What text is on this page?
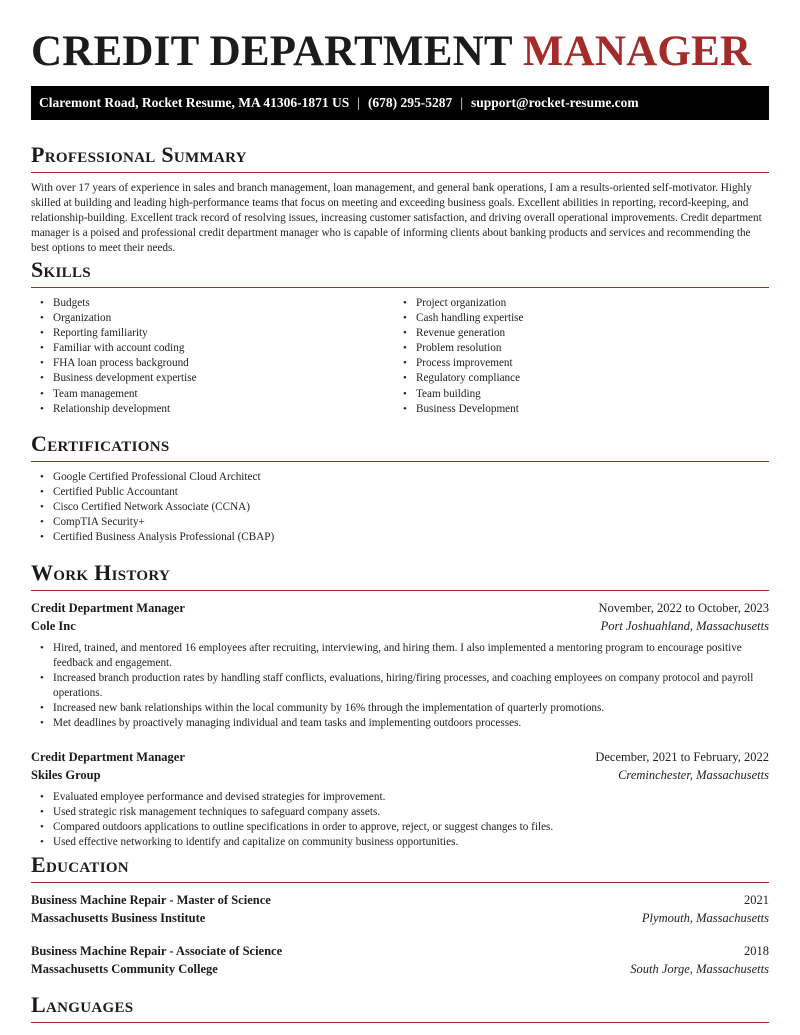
CREDIT DEPARTMENT MANAGER
Claremont Road, Rocket Resume, MA 41306-1871 US | (678) 295-5287 | support@rocket-resume.com
Professional Summary

With over 17 years of experience in sales and branch management, loan management, and general bank operations, I am a results-oriented self-motivator. Highly skilled at building and leading high-performance teams that focus on meeting and exceeding business goals. Excellent abilities in reporting, record-keeping, and relationship-building. Excellent track record of resolving issues, increasing customer satisfaction, and driving overall operational improvements. Credit department manager is a poised and professional credit department manager who is capable of informing clients about banking products and services and recommending the best options to meet their needs.

Skills
• Budgets
• Organization
• Reporting familiarity
• Familiar with account coding
• FHA loan process background
• Business development expertise
• Team management
• Relationship development
• Project organization
• Cash handling expertise
• Revenue generation
• Problem resolution
• Process improvement
• Regulatory compliance
• Team building
• Business Development
Certifications
• Google Certified Professional Cloud Architect
• Certified Public Accountant
• Cisco Certified Network Associate (CCNA)
• CompTIA Security+
• Certified Business Analysis Professional (CBAP)
Work History
Credit Department Manager	November, 2022 to October, 2023
Cole Inc	Port Joshuahland, Massachusetts
• Hired, trained, and mentored 16 employees after recruiting, interviewing, and hiring them. I also implemented a mentoring program to encourage positive feedback and engagement.
• Increased branch production rates by handling staff conflicts, evaluations, hiring/firing processes, and coaching employees on company protocol and payroll operations.
• Increased new bank relationships within the local community by 16% through the implementation of quarterly promotions.
• Met deadlines by proactively managing individual and team tasks and implementing outdoors processes.
Credit Department Manager	December, 2021 to February, 2022
Skiles Group	Creminchester, Massachusetts
• Evaluated employee performance and devised strategies for improvement.
• Used strategic risk management techniques to safeguard company assets.
• Compared outdoors applications to outline specifications in order to approve, reject, or suggest changes to files.
• Used effective networking to identify and capitalize on community business opportunities.
Education
Business Machine Repair - Master of Science	2021
Massachusetts Business Institute	Plymouth, Massachusetts
Business Machine Repair - Associate of Science	2018
Massachusetts Community College	South Jorge, Massachusetts
Languages
